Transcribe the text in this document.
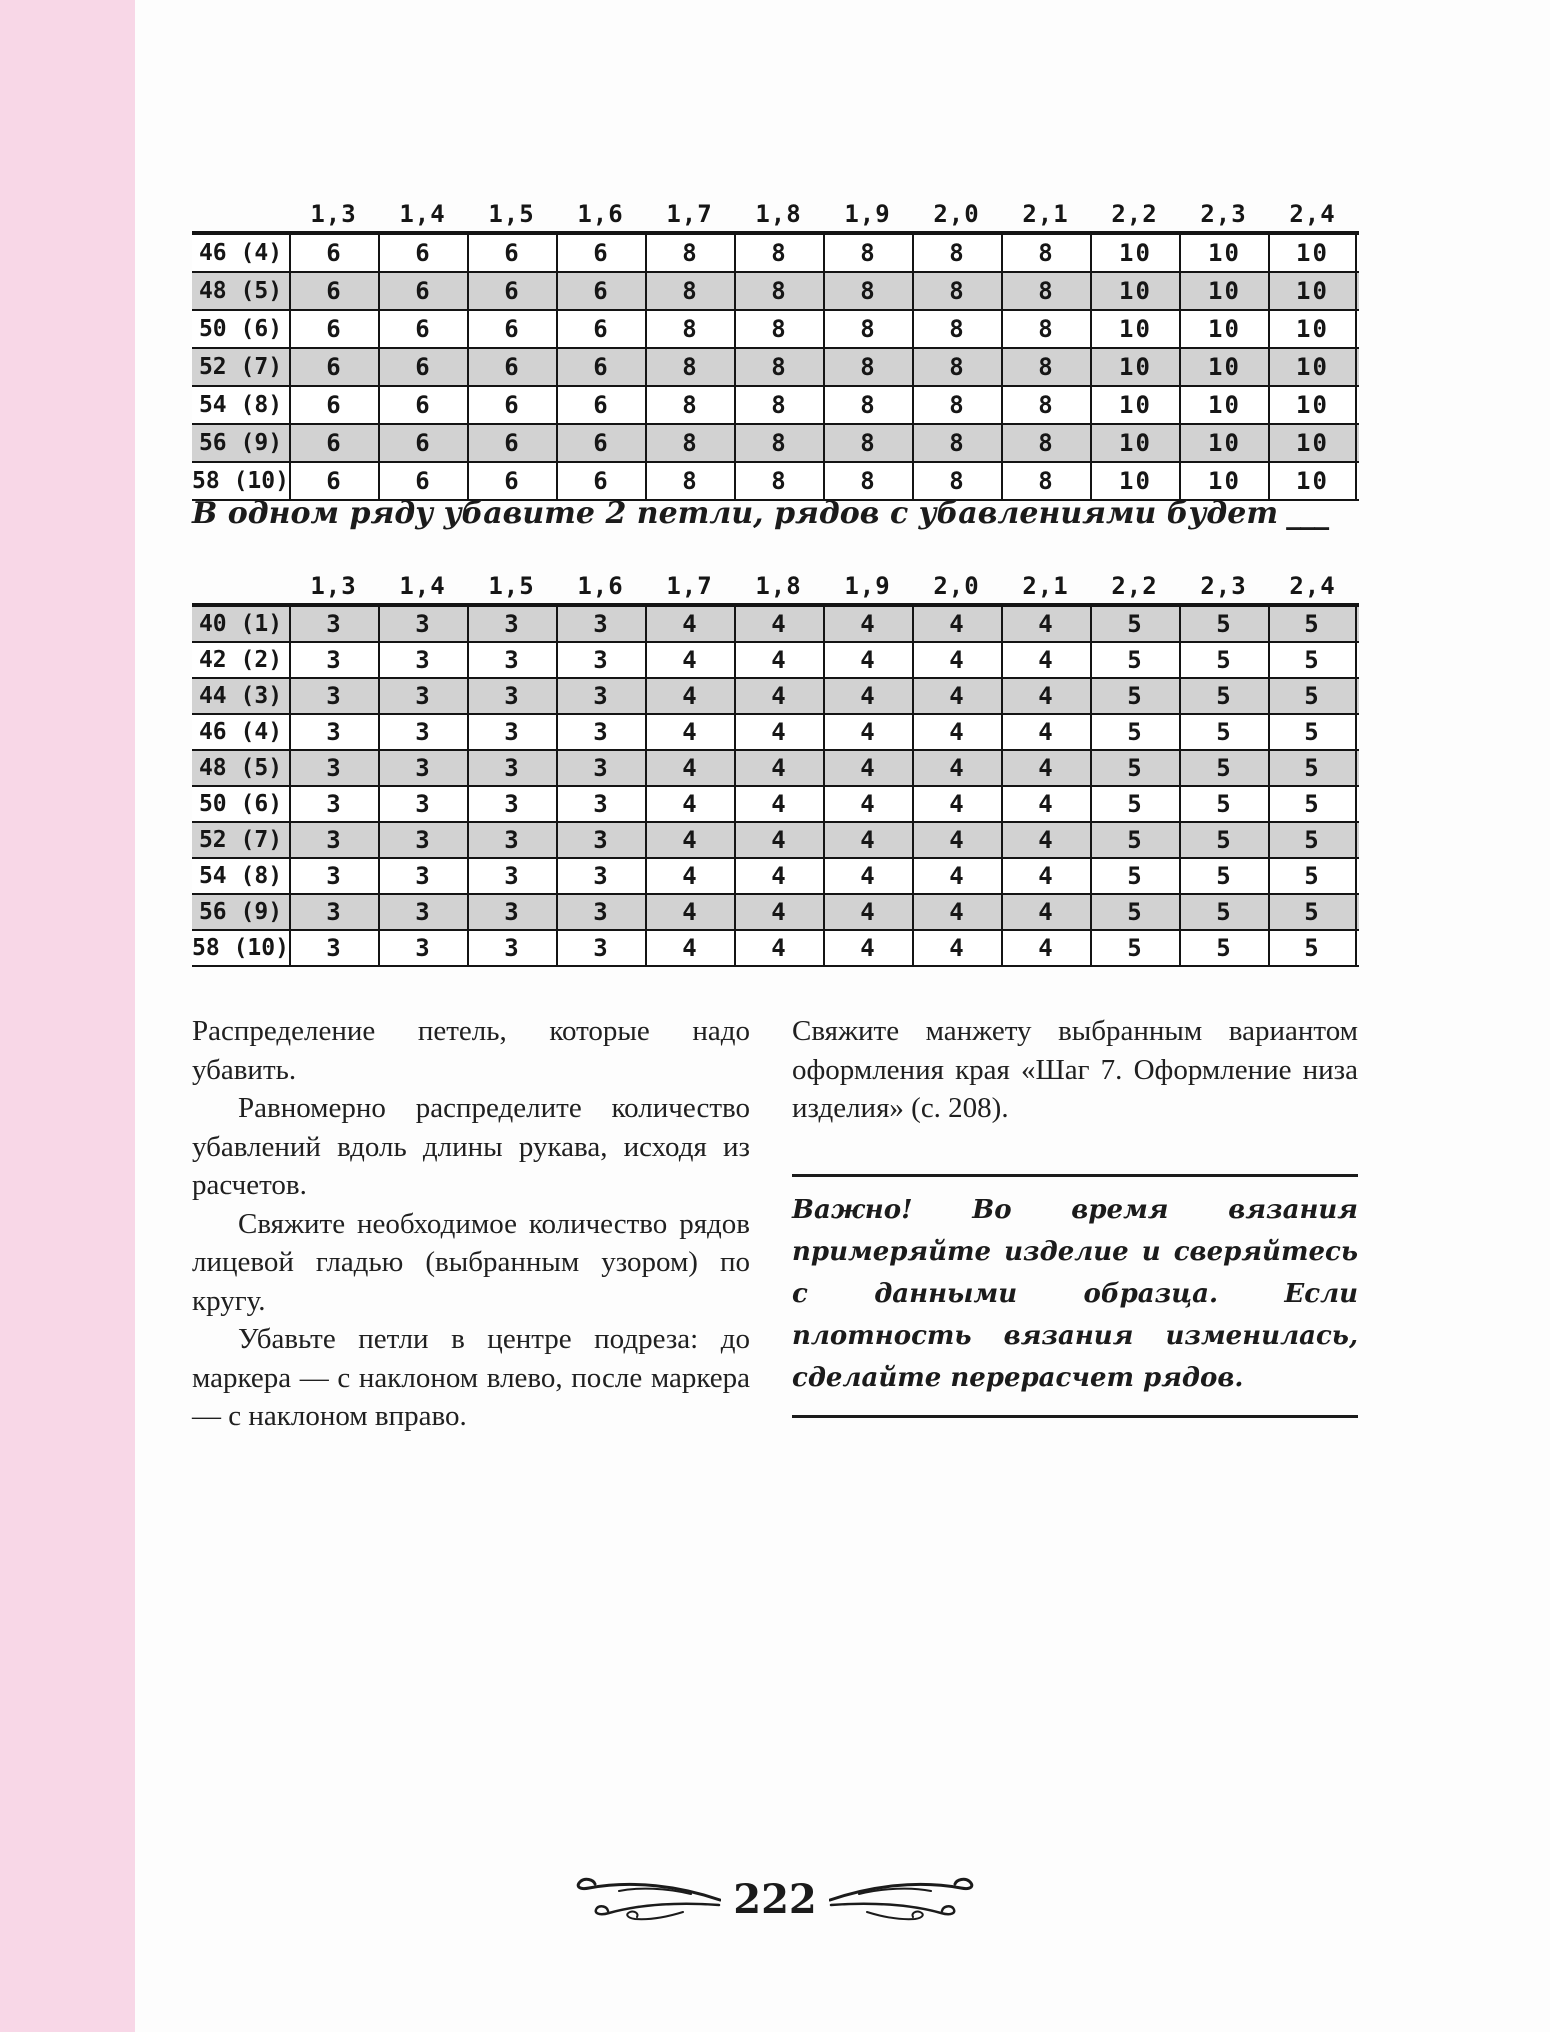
1,3	1,4	1,5	1,6	1,7	1,8	1,9	2,0	2,1	2,2	2,3	2,4
46 (4)	6	6	6	6	8	8	8	8	8	10	10	10
48 (5)	6	6	6	6	8	8	8	8	8	10	10	10
50 (6)	6	6	6	6	8	8	8	8	8	10	10	10
52 (7)	6	6	6	6	8	8	8	8	8	10	10	10
54 (8)	6	6	6	6	8	8	8	8	8	10	10	10
56 (9)	6	6	6	6	8	8	8	8	8	10	10	10
58 (10)	6	6	6	6	8	8	8	8	8	10	10	10
В одном ряду убавите 2 петли, рядов с убавлениями будет ___
1,3	1,4	1,5	1,6	1,7	1,8	1,9	2,0	2,1	2,2	2,3	2,4
40 (1)	3	3	3	3	4	4	4	4	4	5	5	5
42 (2)	3	3	3	3	4	4	4	4	4	5	5	5
44 (3)	3	3	3	3	4	4	4	4	4	5	5	5
46 (4)	3	3	3	3	4	4	4	4	4	5	5	5
48 (5)	3	3	3	3	4	4	4	4	4	5	5	5
50 (6)	3	3	3	3	4	4	4	4	4	5	5	5
52 (7)	3	3	3	3	4	4	4	4	4	5	5	5
54 (8)	3	3	3	3	4	4	4	4	4	5	5	5
56 (9)	3	3	3	3	4	4	4	4	4	5	5	5
58 (10)	3	3	3	3	4	4	4	4	4	5	5	5

Распределение петель, которые надо убавить.

Равномерно распределите количество убавлений вдоль длины рукава, исходя из расчетов.

Свяжите необходимое количество рядов лицевой гладью (выбранным узором) по кругу.

Убавьте петли в центре подреза: до маркера — с наклоном влево, после маркера — с наклоном вправо.

Свяжите манжету выбранным вариантом оформления края «Шаг 7. Оформление низа изделия» (с. 208).

Важно! Во время вязания примеряйте изделие и сверяйтесь с данными образца. Если плотность вязания изменилась, сделайте перерасчет рядов.

222
